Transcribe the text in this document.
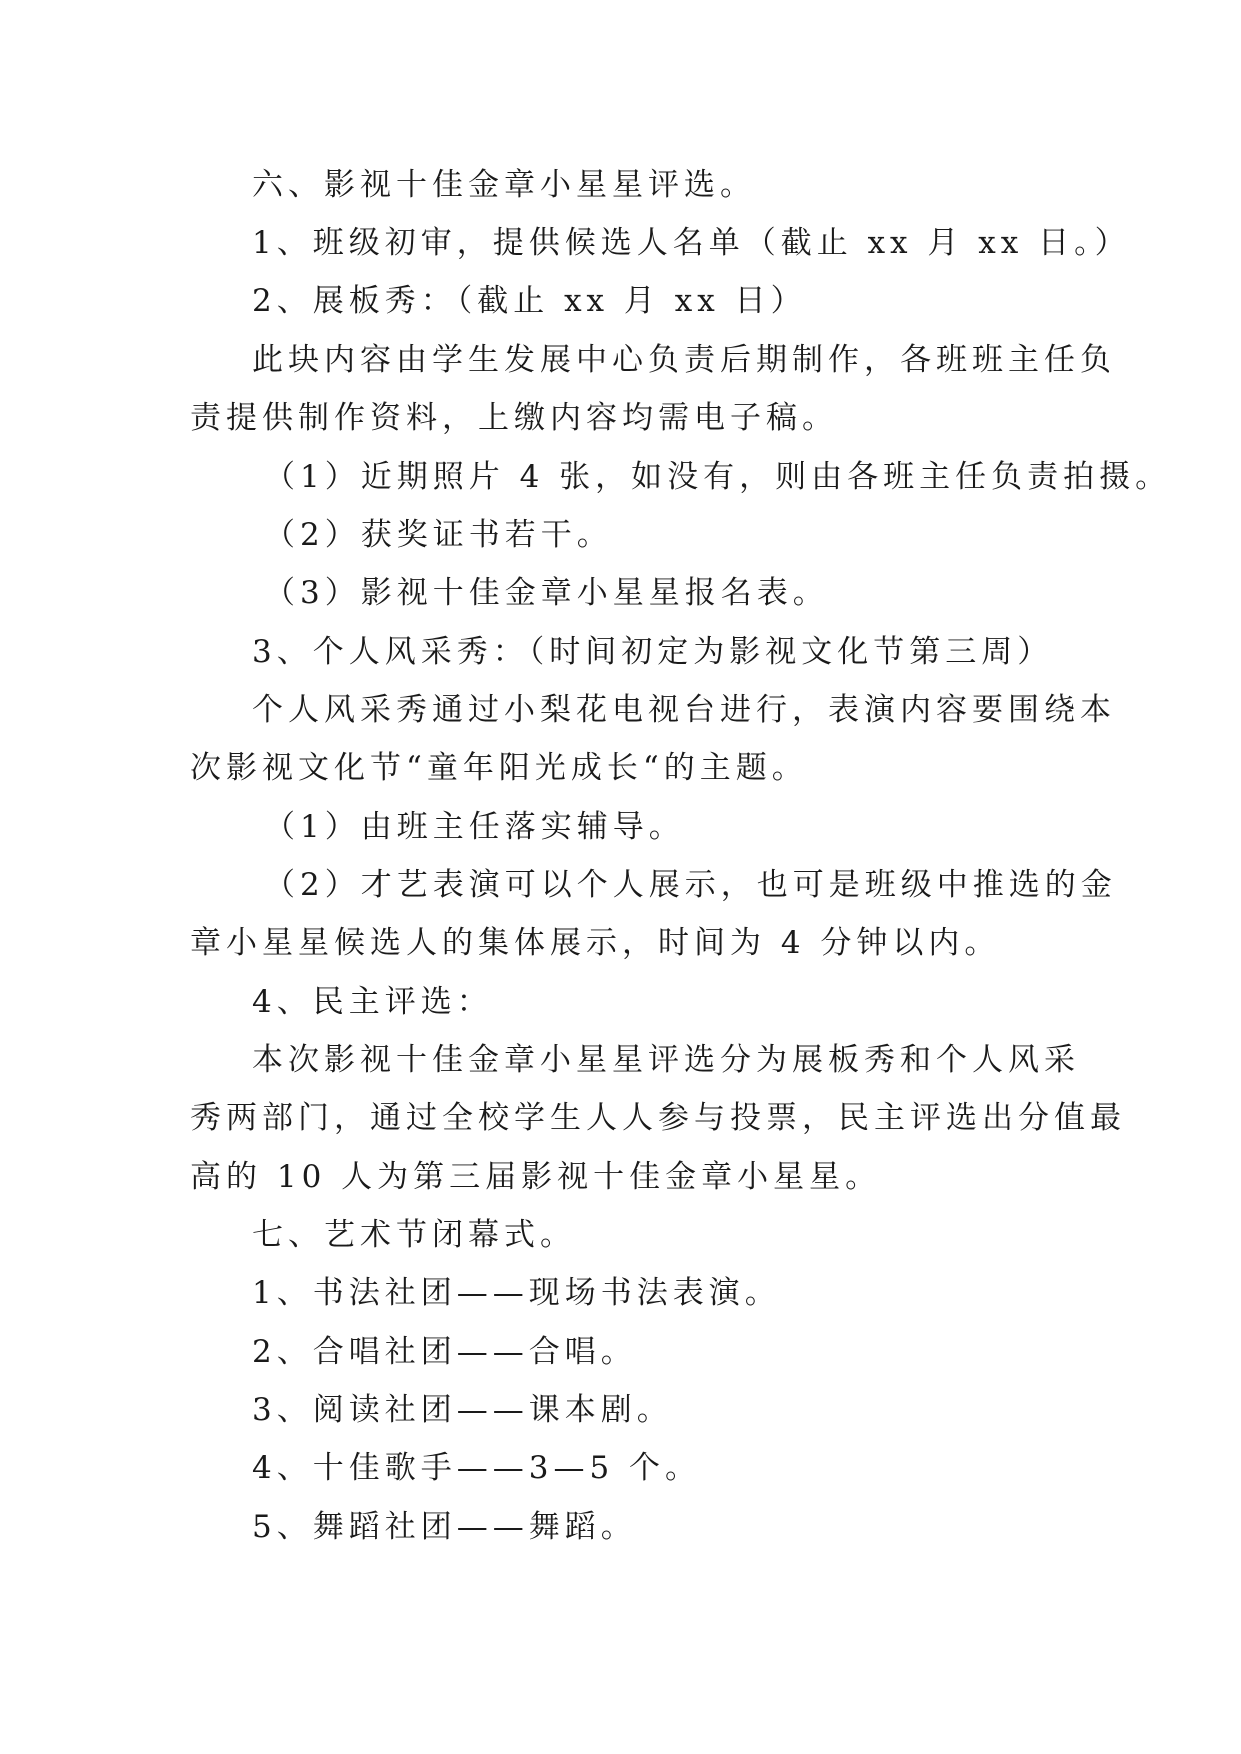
六、影视十佳金章小星星评选。
1、班级初审，提供候选人名单（截止 xx 月 xx 日。）
2、展板秀：（截止 xx 月 xx 日）
此块内容由学生发展中心负责后期制作，各班班主任负
责提供制作资料，上缴内容均需电子稿。
（1）近期照片 4 张，如没有，则由各班主任负责拍摄。
（2）获奖证书若干。
（3）影视十佳金章小星星报名表。
3、个人风采秀：（时间初定为影视文化节第三周）
个人风采秀通过小梨花电视台进行，表演内容要围绕本
次影视文化节“童年阳光成长“的主题。
（1）由班主任落实辅导。
（2）才艺表演可以个人展示，也可是班级中推选的金
章小星星候选人的集体展示，时间为 4 分钟以内。
4、民主评选：
本次影视十佳金章小星星评选分为展板秀和个人风采
秀两部门，通过全校学生人人参与投票，民主评选出分值最
高的 10 人为第三届影视十佳金章小星星。
七、艺术节闭幕式。
1、书法社团——现场书法表演。
2、合唱社团——合唱。
3、阅读社团——课本剧。
4、十佳歌手——3—5 个。
5、舞蹈社团——舞蹈。
